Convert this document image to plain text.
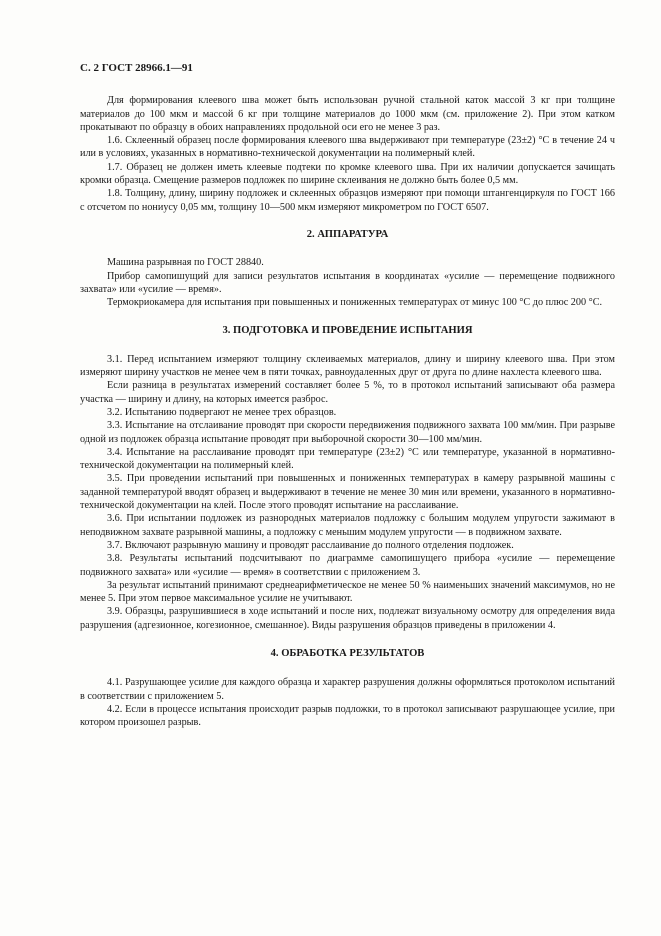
С. 2 ГОСТ 28966.1—91

Для формирования клеевого шва может быть использован ручной стальной каток массой 3 кг при толщине материалов до 100 мкм и массой 6 кг при толщине материалов до 1000 мкм (см. приложение 2). При этом катком прокатывают по образцу в обоих направлениях продольной оси его не менее 3 раз.

1.6. Склеенный образец после формирования клеевого шва выдерживают при температуре (23±2) °С в течение 24 ч или в условиях, указанных в нормативно-технической документации на полимерный клей.

1.7. Образец не должен иметь клеевые подтеки по кромке клеевого шва. При их наличии допускается зачищать кромки образца. Смещение размеров подложек по ширине склеивания не должно быть более 0,5 мм.

1.8. Толщину, длину, ширину подложек и склеенных образцов измеряют при помощи штангенциркуля по ГОСТ 166 с отсчетом по нониусу 0,05 мм, толщину 10—500 мкм измеряют микрометром по ГОСТ 6507.

2. АППАРАТУРА

Машина разрывная по ГОСТ 28840.

Прибор самопишущий для записи результатов испытания в координатах «усилие — перемещение подвижного захвата» или «усилие — время».

Термокриокамера для испытания при повышенных и пониженных температурах от минус 100 °С до плюс 200 °С.

3. ПОДГОТОВКА И ПРОВЕДЕНИЕ ИСПЫТАНИЯ

3.1. Перед испытанием измеряют толщину склеиваемых материалов, длину и ширину клеевого шва. При этом измеряют ширину участков не менее чем в пяти точках, равноудаленных друг от друга по длине нахлеста клеевого шва.

Если разница в результатах измерений составляет более 5 %, то в протокол испытаний записывают оба размера участка — ширину и длину, на которых имеется разброс.

3.2. Испытанию подвергают не менее трех образцов.

3.3. Испытание на отслаивание проводят при скорости передвижения подвижного захвата 100 мм/мин. При разрыве одной из подложек образца испытание проводят при выборочной скорости 30—100 мм/мин.

3.4. Испытание на расслаивание проводят при температуре (23±2) °С или температуре, указанной в нормативно-технической документации на полимерный клей.

3.5. При проведении испытаний при повышенных и пониженных температурах в камеру разрывной машины с заданной температурой вводят образец и выдерживают в течение не менее 30 мин или времени, указанного в нормативно-технической документации на клей. После этого проводят испытание на расслаивание.

3.6. При испытании подложек из разнородных материалов подложку с большим модулем упругости зажимают в неподвижном захвате разрывной машины, а подложку с меньшим модулем упругости — в подвижном захвате.

3.7. Включают разрывную машину и проводят расслаивание до полного отделения подложек.

3.8. Результаты испытаний подсчитывают по диаграмме самопишущего прибора «усилие — перемещение подвижного захвата» или «усилие — время» в соответствии с приложением 3.

За результат испытаний принимают среднеарифметическое не менее 50 % наименьших значений максимумов, но не менее 5. При этом первое максимальное усилие не учитывают.

3.9. Образцы, разрушившиеся в ходе испытаний и после них, подлежат визуальному осмотру для определения вида разрушения (адгезионное, когезионное, смешанное). Виды разрушения образцов приведены в приложении 4.

4. ОБРАБОТКА РЕЗУЛЬТАТОВ

4.1. Разрушающее усилие для каждого образца и характер разрушения должны оформляться протоколом испытаний в соответствии с приложением 5.

4.2. Если в процессе испытания происходит разрыв подложки, то в протокол записывают разрушающее усилие, при котором произошел разрыв.
